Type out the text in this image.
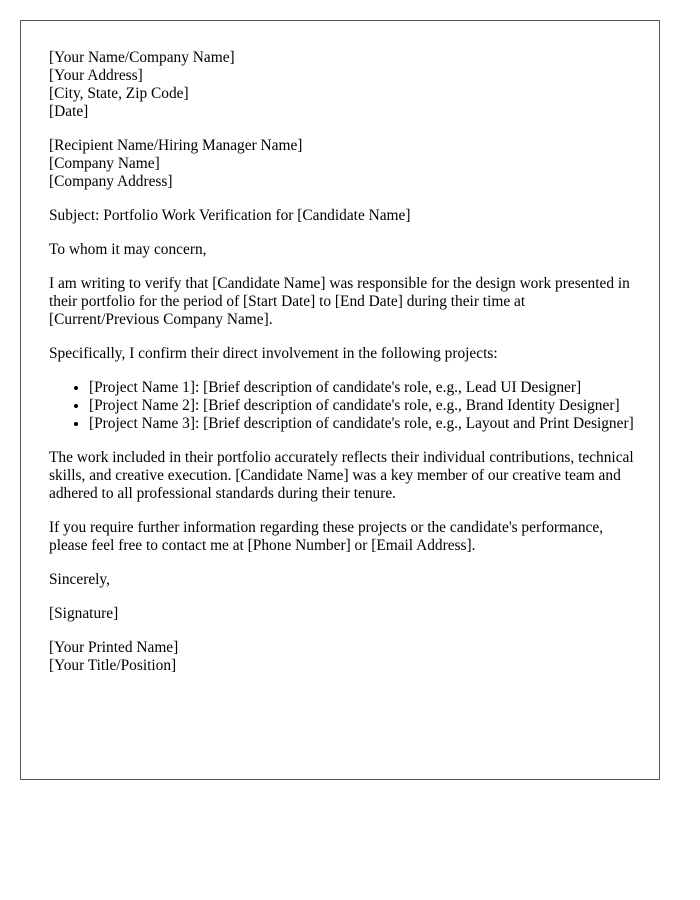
[Your Name/Company Name]
[Your Address]
[City, State, Zip Code]
[Date]
[Recipient Name/Hiring Manager Name]
[Company Name]
[Company Address]

Subject: Portfolio Work Verification for [Candidate Name]

To whom it may concern,

I am writing to verify that [Candidate Name] was responsible for the design work presented in their portfolio for the period of [Start Date] to [End Date] during their time at [Current/Previous Company Name].

Specifically, I confirm their direct involvement in the following projects:

• [Project Name 1]: [Brief description of candidate's role, e.g., Lead UI Designer]
• [Project Name 2]: [Brief description of candidate's role, e.g., Brand Identity Designer]
• [Project Name 3]: [Brief description of candidate's role, e.g., Layout and Print Designer]

The work included in their portfolio accurately reflects their individual contributions, technical skills, and creative execution. [Candidate Name] was a key member of our creative team and adhered to all professional standards during their tenure.

If you require further information regarding these projects or the candidate's performance, please feel free to contact me at [Phone Number] or [Email Address].

Sincerely,

[Signature]

[Your Printed Name]
[Your Title/Position]
